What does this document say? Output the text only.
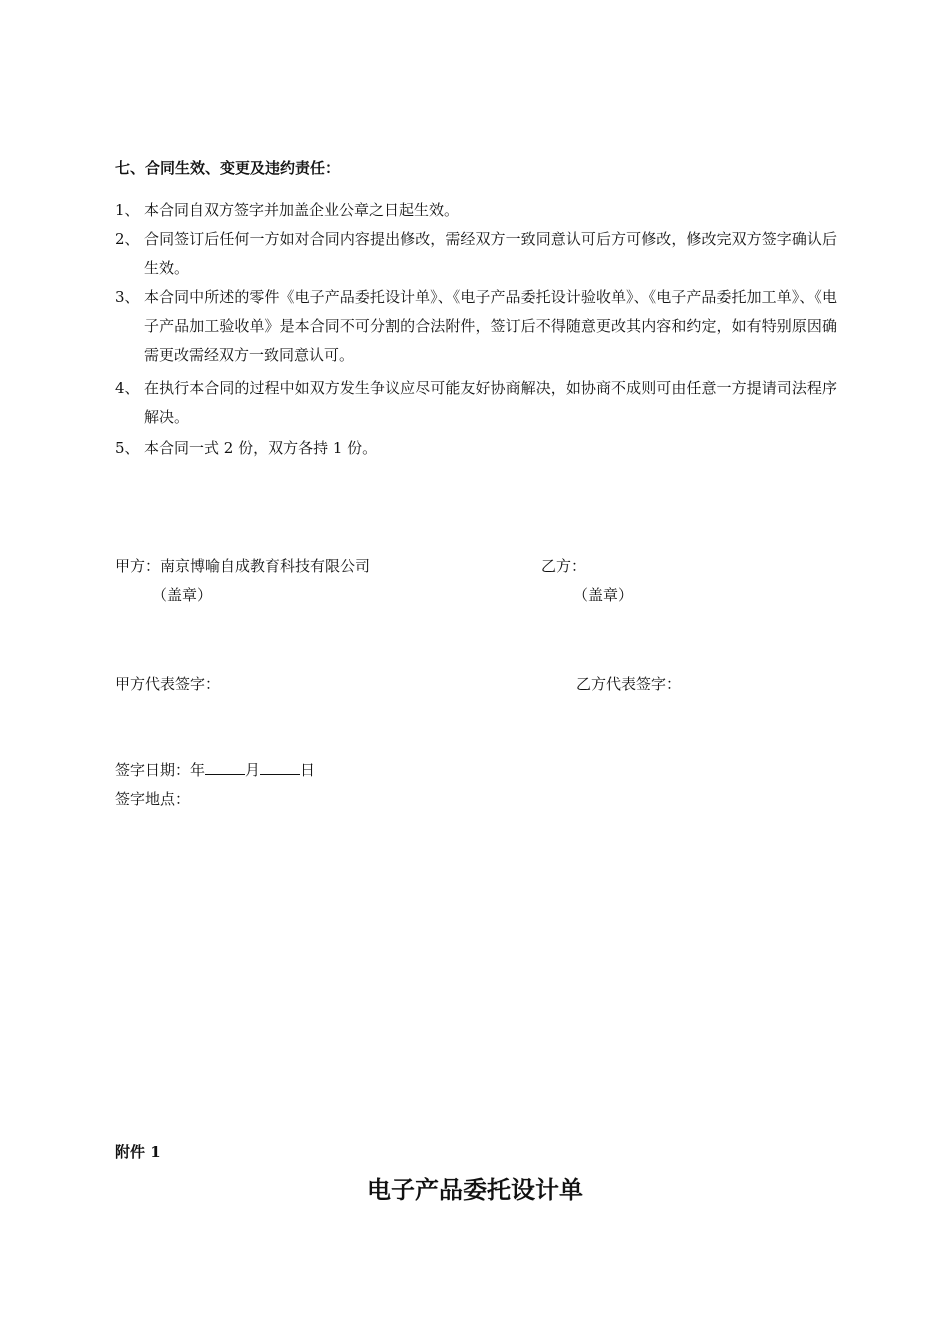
七、合同生效、变更及违约责任：
1、 本合同自双方签字并加盖企业公章之日起生效。
2、 合同签订后任何一方如对合同内容提出修改，需经双方一致同意认可后方可修改，修改完双方签字确认后生效。
3、 本合同中所述的零件《电子产品委托设计单》、《电子产品委托设计验收单》、《电子产品委托加工单》、《电子产品加工验收单》是本合同不可分割的合法附件，签订后不得随意更改其内容和约定，如有特别原因确需更改需经双方一致同意认可。
4、 在执行本合同的过程中如双方发生争议应尽可能友好协商解决，如协商不成则可由任意一方提请司法程序解决。
5、 本合同一式 2 份，双方各持 1 份。
甲方：南京博喻自成教育科技有限公司	乙方：
（盖章）	（盖章）
甲方代表签字：	乙方代表签字：
签字日期：年	月	日
签字地点：
附件 1
电子产品委托设计单
